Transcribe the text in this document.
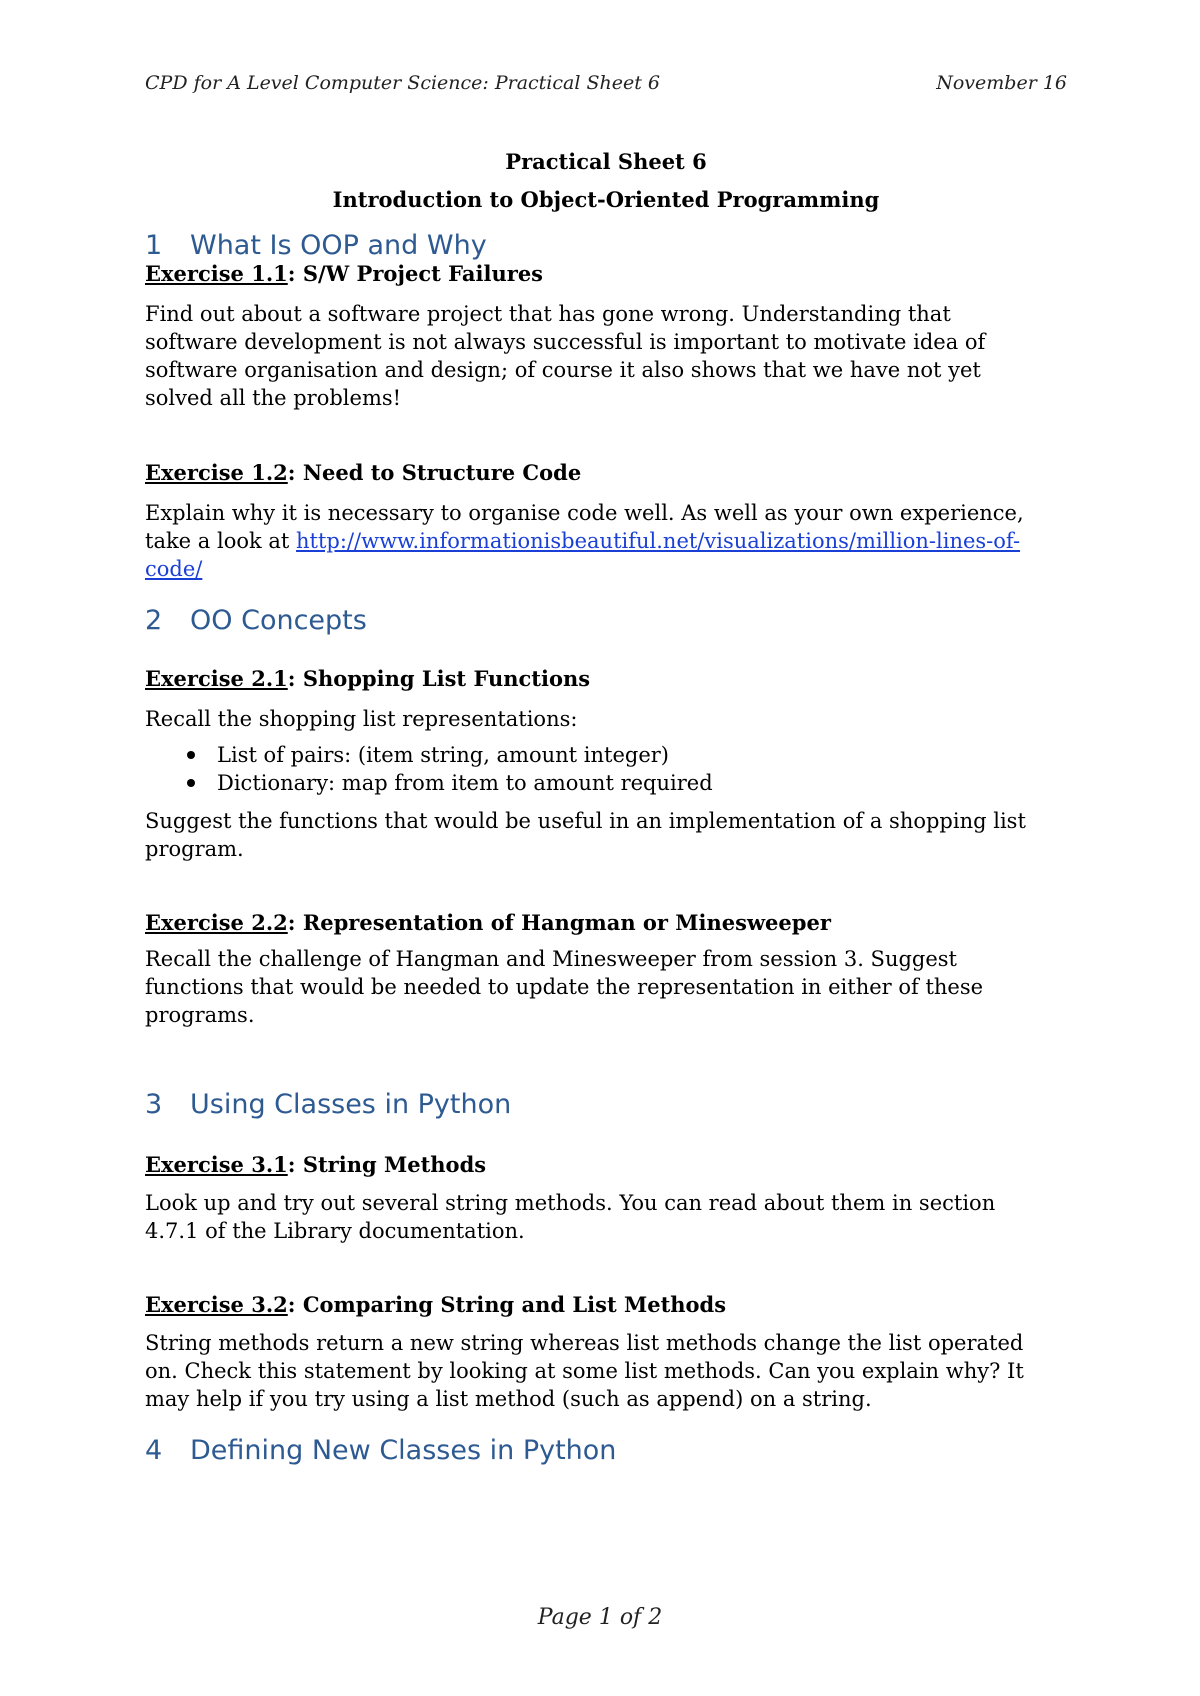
CPD for A Level Computer Science: Practical Sheet 6	November 16

Practical Sheet 6

Introduction to Object-Oriented Programming

1 What Is OOP and Why

Exercise 1.1: S/W Project Failures

Find out about a software project that has gone wrong. Understanding that software development is not always successful is important to motivate idea of software organisation and design; of course it also shows that we have not yet solved all the problems!

Exercise 1.2: Need to Structure Code

Explain why it is necessary to organise code well. As well as your own experience, take a look at http://www.informationisbeautiful.net/visualizations/million-lines-of-code/

2 OO Concepts

Exercise 2.1: Shopping List Functions

Recall the shopping list representations:

List of pairs: (item string, amount integer)
Dictionary: map from item to amount required

Suggest the functions that would be useful in an implementation of a shopping list program.

Exercise 2.2: Representation of Hangman or Minesweeper

Recall the challenge of Hangman and Minesweeper from session 3. Suggest functions that would be needed to update the representation in either of these programs.

3 Using Classes in Python

Exercise 3.1: String Methods

Look up and try out several string methods. You can read about them in section 4.7.1 of the Library documentation.

Exercise 3.2: Comparing String and List Methods

String methods return a new string whereas list methods change the list operated on. Check this statement by looking at some list methods. Can you explain why? It may help if you try using a list method (such as append) on a string.

4 Defining New Classes in Python
Page 1 of 2
